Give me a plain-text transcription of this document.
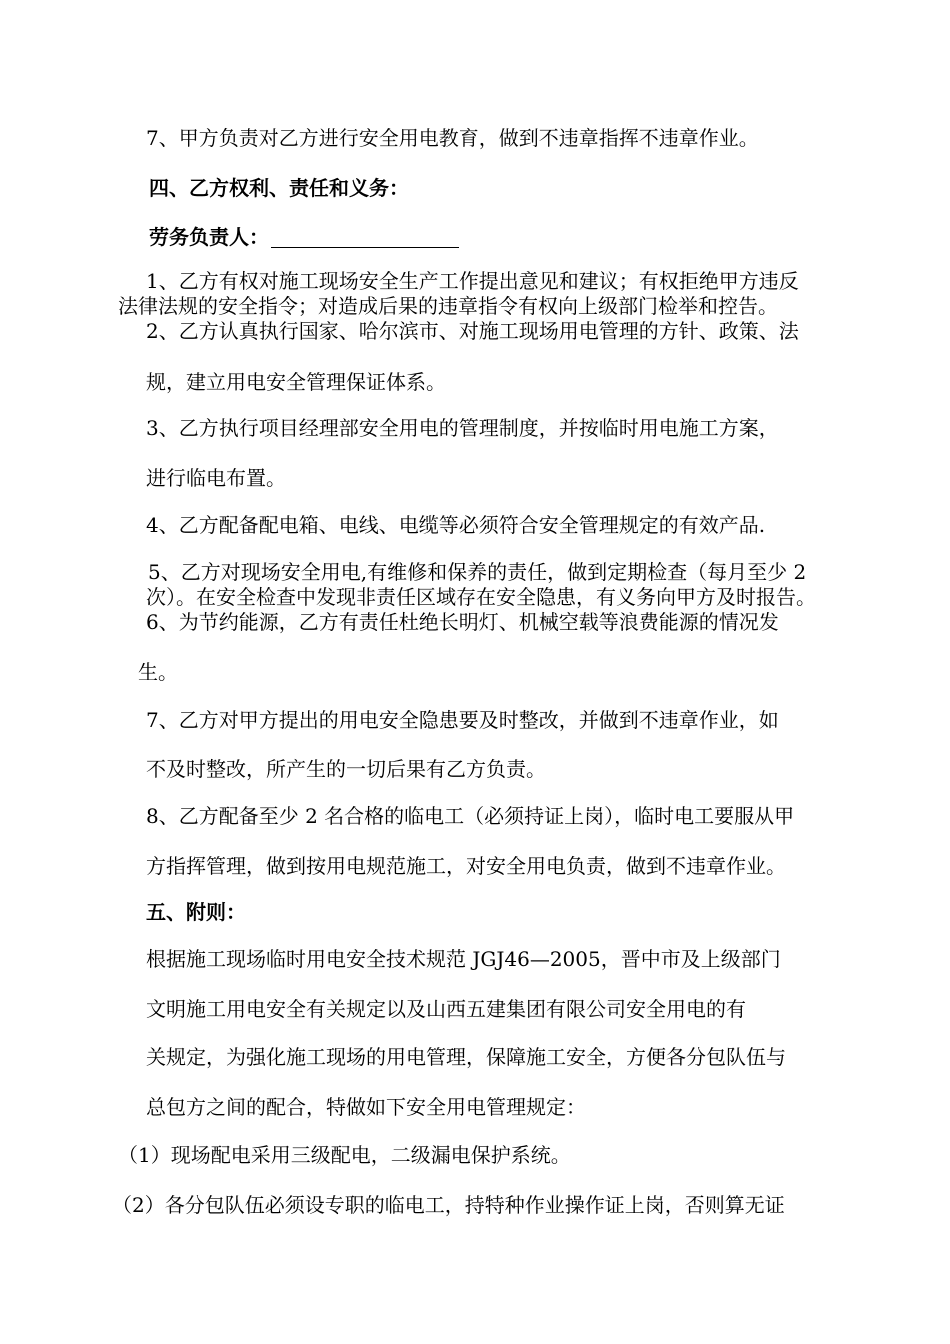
7、甲方负责对乙方进行安全用电教育，做到不违章指挥不违章作业。
四、乙方权利、责任和义务：
劳务负责人：
1、乙方有权对施工现场安全生产工作提出意见和建议；有权拒绝甲方违反
法律法规的安全指令；对造成后果的违章指令有权向上级部门检举和控告。
2、乙方认真执行国家、哈尔滨市、对施工现场用电管理的方针、政策、法
规，建立用电安全管理保证体系。
3、乙方执行项目经理部安全用电的管理制度，并按临时用电施工方案，
进行临电布置。
4、乙方配备配电箱、电线、电缆等必须符合安全管理规定的有效产品.
5、乙方对现场安全用电,有维修和保养的责任，做到定期检查（每月至少 2
次）。在安全检查中发现非责任区域存在安全隐患，有义务向甲方及时报告。
6、为节约能源，乙方有责任杜绝长明灯、机械空载等浪费能源的情况发
生。
7、乙方对甲方提出的用电安全隐患要及时整改，并做到不违章作业，如
不及时整改，所产生的一切后果有乙方负责。
8、乙方配备至少 2 名合格的临电工（必须持证上岗），临时电工要服从甲
方指挥管理，做到按用电规范施工，对安全用电负责，做到不违章作业。
五、附则：
根据施工现场临时用电安全技术规范 JGJ46—2005，晋中市及上级部门
文明施工用电安全有关规定以及山西五建集团有限公司安全用电的有
关规定，为强化施工现场的用电管理，保障施工安全，方便各分包队伍与
总包方之间的配合，特做如下安全用电管理规定：
（1）现场配电采用三级配电，二级漏电保护系统。
（2）各分包队伍必须设专职的临电工，持特种作业操作证上岗，否则算无证
